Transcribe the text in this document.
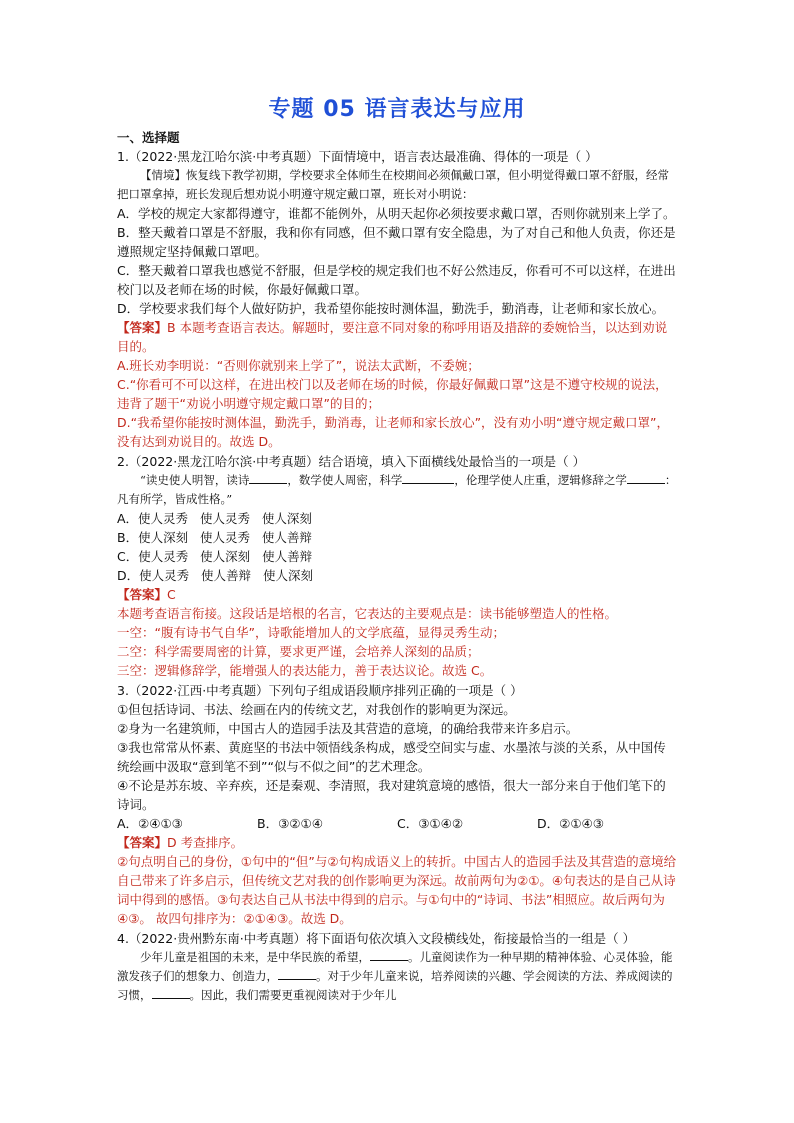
专题 05 语言表达与应用
一、选择题

1.（2022·黑龙江哈尔滨·中考真题）下面情境中，语言表达最准确、得体的一项是（ ）

【情境】恢复线下教学初期，学校要求全体师生在校期间必须佩戴口罩，但小明觉得戴口罩不舒服，经常把口罩拿掉，班长发现后想劝说小明遵守规定戴口罩，班长对小明说：

A．学校的规定大家都得遵守，谁都不能例外，从明天起你必须按要求戴口罩，否则你就别来上学了。

B．整天戴着口罩是不舒服，我和你有同感，但不戴口罩有安全隐患，为了对自己和他人负责，你还是遵照规定坚持佩戴口罩吧。

C．整天戴着口罩我也感觉不舒服，但是学校的规定我们也不好公然违反，你看可不可以这样，在进出校门以及老师在场的时候，你最好佩戴口罩。

D．学校要求我们每个人做好防护，我希望你能按时测体温，勤洗手，勤消毒，让老师和家长放心。

【答案】B 本题考查语言表达。解题时，要注意不同对象的称呼用语及措辞的委婉恰当，以达到劝说目的。

A.班长劝李明说：“否则你就别来上学了”，说法太武断，不委婉；

C.“你看可不可以这样，在进出校门以及老师在场的时候，你最好佩戴口罩”这是不遵守校规的说法，违背了题干“劝说小明遵守规定戴口罩”的目的；

D.“我希望你能按时测体温，勤洗手，勤消毒，让老师和家长放心”，没有劝小明“遵守规定戴口罩”，没有达到劝说目的。故选 D。

2.（2022·黑龙江哈尔滨·中考真题）结合语境，填入下面横线处最恰当的一项是（ ）

“读史使人明智，读诗	，数学使人周密，科学	，伦理学使人庄重，逻辑修辞之学	：凡有所学，皆成性格。”

A．使人灵秀   使人灵秀   使人深刻

B．使人深刻   使人灵秀   使人善辩

C．使人灵秀   使人深刻   使人善辩

D．使人灵秀   使人善辩   使人深刻

【答案】C

本题考查语言衔接。这段话是培根的名言，它表达的主要观点是：读书能够塑造人的性格。

一空：“腹有诗书气自华”，诗歌能增加人的文学底蕴，显得灵秀生动；

二空：科学需要周密的计算，要求更严谨，会培养人深刻的品质；

三空：逻辑修辞学，能增强人的表达能力，善于表达议论。故选 C。

3.（2022·江西·中考真题）下列句子组成语段顺序排列正确的一项是（ ）

①但包括诗词、书法、绘画在内的传统文艺，对我创作的影响更为深远。

②身为一名建筑师，中国古人的造园手法及其营造的意境，的确给我带来许多启示。

③我也常常从怀素、黄庭坚的书法中领悟线条构成，感受空间实与虚、水墨浓与淡的关系，从中国传统绘画中汲取“意到笔不到”“似与不似之间”的艺术理念。

④不论是苏东坡、辛弃疾，还是秦观、李清照，我对建筑意境的感悟，很大一部分来自于他们笔下的诗词。

A．②④①③	B．③②①④	C．③①④②	D．②①④③

【答案】D 考查排序。

②句点明自己的身份，①句中的“但”与②句构成语义上的转折。中国古人的造园手法及其营造的意境给自己带来了许多启示，但传统文艺对我的创作影响更为深远。故前两句为②①。④句表达的是自己从诗词中得到的感悟。③句表达自己从书法中得到的启示。与①句中的“诗词、书法”相照应。故后两句为④③。 故四句排序为：②①④③。故选 D。

4.（2022·贵州黔东南·中考真题）将下面语句依次填入文段横线处，衔接最恰当的一组是（ ）

少年儿童是祖国的未来，是中华民族的希望，	。儿童阅读作为一种早期的精神体验、心灵体验，能激发孩子们的想象力、创造力，	。对于少年儿童来说，培养阅读的兴趣、学会阅读的方法、养成阅读的习惯，	。因此，我们需要更重视阅读对于少年儿
